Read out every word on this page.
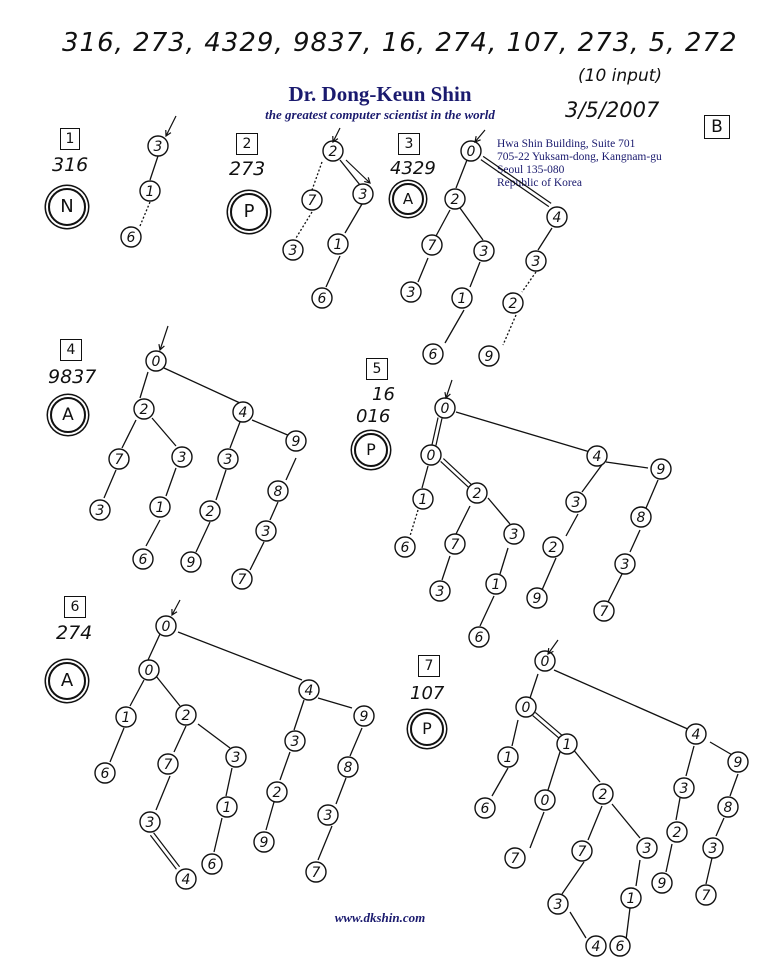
316, 273, 4329, 9837, 16, 274, 107, 273, 5, 272
(10 input)
3/5/2007
B
Dr. Dong-Keun Shin
the greatest computer scientist in the world
Hwa Shin Building, Suite 701
705-22 Yuksam-dong, Kangnam-gu
Seoul 135-080
Republic of Korea
www.dkshin.com
1
316
N
2
273
P
3
4329
A
4
9837
A
5
16
016
P
6
274
A
7
107
P
3
1
6
2
7	3
3	1
6
0
2
7	3
3	1
6
4
3
2
9
0
2
7	3
3	1
6
4
3
2
9
9
8
3
7
0
0
1
6
2
7
3
3	1
6
4
3
2
9
9
8
3
7
0
0
1
6
2
7	3
3
1
6
4
4
3
2
9
9
8
3
7
0
0
1
1
6	0
7
2
7	3
3	1
4 6
4
3
2
9
9
8
3
7
